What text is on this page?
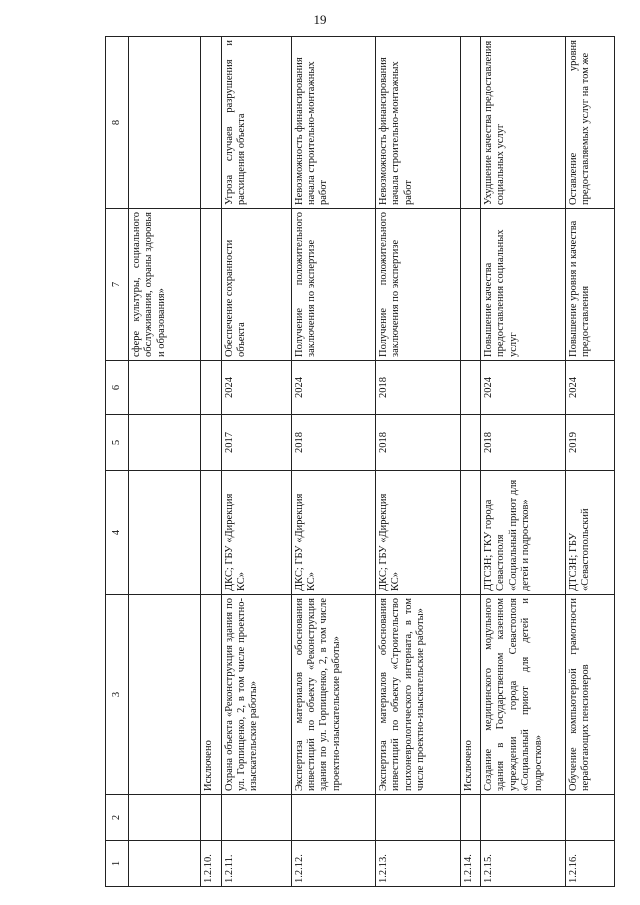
19
1	2	3	4	5	6	7	8
						сфере культуры, социального обслуживания, охраны здоровья и образования»	
1.2.10.		Исключено					
1.2.11.		Охрана объекта «Реконструкция здания по ул. Горпищенко, 2, в том числе проектно-изыскательские работы»	ДКС; ГБУ «Дирекция КС»	2017	2024	Обеспечение сохранности объекта	Угроза случаев разрушения и расхищения объекта
1.2.12.		Экспертиза материалов обоснования инвестиций по объекту «Реконструкция здания по ул. Горпищенко, 2, в том числе проектно-изыскательские работы»	ДКС; ГБУ «Дирекция КС»	2018	2024	Получение положительного заключения по экспертизе	Невозможность финансирования начала строительно-монтажных работ
1.2.13.		Экспертиза материалов обоснования инвестиций по объекту «Строительство психоневрологического интерната, в том числе проектно-изыскательские работы»	ДКС; ГБУ «Дирекция КС»	2018	2018	Получение положительного заключения по экспертизе	Невозможность финансирования начала строительно-монтажных работ
1.2.14.		Исключено					
1.2.15.		Создание медицинского модульного здания в Государственном казенном учреждении города Севастополя «Социальный приют для детей и подростков»	ДТСЗН; ГКУ города Севастополя «Социальный приют для детей и подростков»	2018	2024	Повышение качества предоставления социальных услуг	Ухудшение качества предоставления социальных услуг
1.2.16.		Обучение компьютерной грамотности неработающих пенсионеров	ДТСЗН; ГБУ «Севастопольский	2019	2024	Повышение уровня и качества предоставления	Оставление уровня предоставляемых услуг на том же
